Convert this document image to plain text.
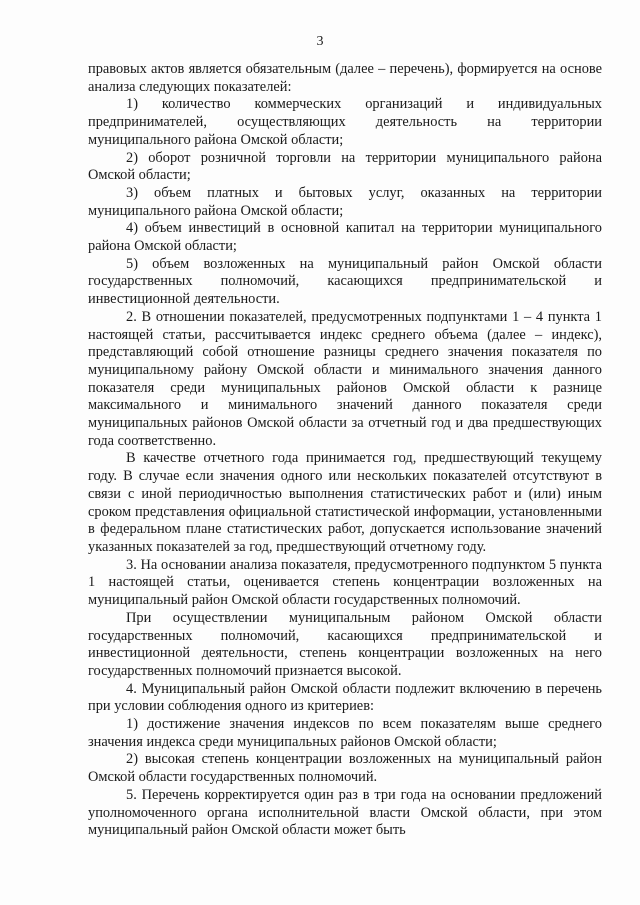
3

правовых актов является обязательным (далее – перечень), формируется на основе анализа следующих показателей:

1) количество коммерческих организаций и индивидуальных предпринимателей, осуществляющих деятельность на территории муниципального района Омской области;

2) оборот розничной торговли на территории муниципального района Омской области;

3) объем платных и бытовых услуг, оказанных на территории муниципального района Омской области;

4) объем инвестиций в основной капитал на территории муниципального района Омской области;

5) объем возложенных на муниципальный район Омской области государственных полномочий, касающихся предпринимательской и инвестиционной деятельности.

2. В отношении показателей, предусмотренных подпунктами 1 – 4 пункта 1 настоящей статьи, рассчитывается индекс среднего объема (далее – индекс), представляющий собой отношение разницы среднего значения показателя по муниципальному району Омской области и минимального значения данного показателя среди муниципальных районов Омской области к разнице максимального и минимального значений данного показателя среди муниципальных районов Омской области за отчетный год и два предшествующих года соответственно.

В качестве отчетного года принимается год, предшествующий текущему году. В случае если значения одного или нескольких показателей отсутствуют в связи с иной периодичностью выполнения статистических работ и (или) иным сроком представления официальной статистической информации, установленными в федеральном плане статистических работ, допускается использование значений указанных показателей за год, предшествующий отчетному году.

3. На основании анализа показателя, предусмотренного подпунктом 5 пункта 1 настоящей статьи, оценивается степень концентрации возложенных на муниципальный район Омской области государственных полномочий.

При осуществлении муниципальным районом Омской области государственных полномочий, касающихся предпринимательской и инвестиционной деятельности, степень концентрации возложенных на него государственных полномочий признается высокой.

4. Муниципальный район Омской области подлежит включению в перечень при условии соблюдения одного из критериев:

1) достижение значения индексов по всем показателям выше среднего значения индекса среди муниципальных районов Омской области;

2) высокая степень концентрации возложенных на муниципальный район Омской области государственных полномочий.

5. Перечень корректируется один раз в три года на основании предложений уполномоченного органа исполнительной власти Омской области, при этом муниципальный район Омской области может быть
